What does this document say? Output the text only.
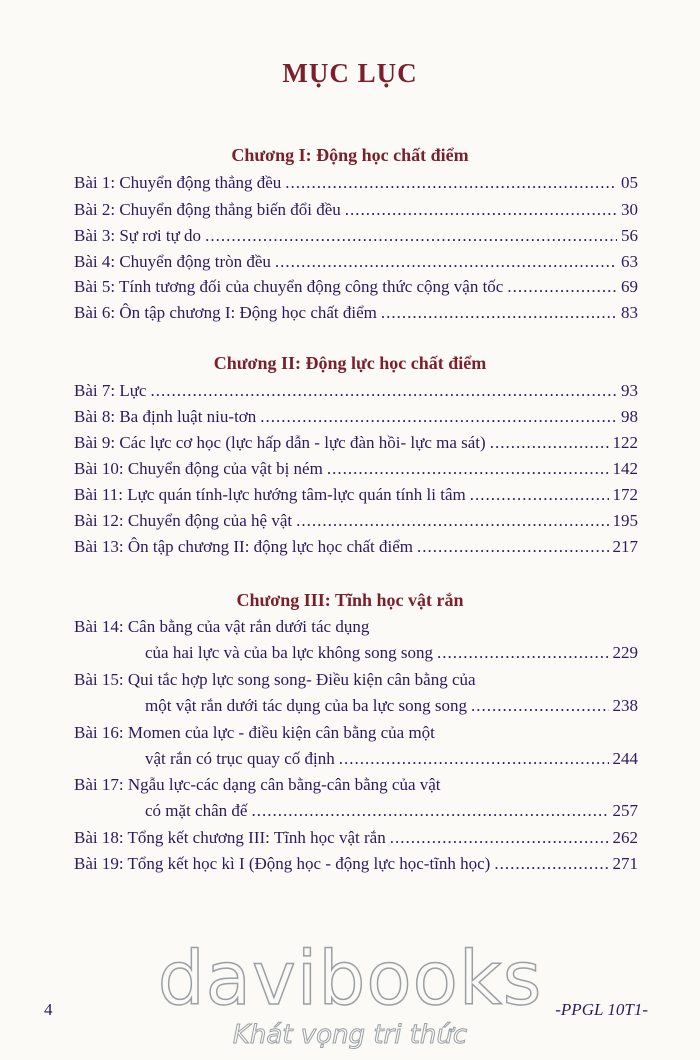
MỤC LỤC
Chương I: Động học chất điểm
Bài 1: Chuyển động thẳng đều .....	05
Bài 2: Chuyển động thẳng biến đổi đều .....	30
Bài 3: Sự rơi tự do .....	56
Bài 4: Chuyển động tròn đều .....	63
Bài 5: Tính tương đối của chuyển động công thức cộng vận tốc .....	69
Bài 6: Ôn tập chương I: Động học chất điểm .....	83
Chương II: Động lực học chất điểm
Bài 7: Lực .....	93
Bài 8: Ba định luật niu-tơn .....	98
Bài 9: Các lực cơ học (lực hấp dẫn - lực đàn hồi- lực ma sát) .....	122
Bài 10: Chuyển động của vật bị ném .....	142
Bài 11: Lực quán tính-lực hướng tâm-lực quán tính li tâm .....	172
Bài 12: Chuyển động của hệ vật .....	195
Bài 13: Ôn tập chương II: động lực học chất điểm .....	217
Chương III: Tĩnh học vật rắn
Bài 14: Cân bằng của vật rắn dưới tác dụng
của hai lực và của ba lực không song song .....	229
Bài 15: Qui tắc hợp lực song song- Điều kiện cân bằng của
một vật rắn dưới tác dụng của ba lực song song .....	238
Bài 16: Momen của lực - điều kiện cân bằng của một
vật rắn có trục quay cố định .....	244
Bài 17: Ngẫu lực-các dạng cân bằng-cân bằng của vật
có mặt chân đế .....	257
Bài 18: Tổng kết chương III: Tĩnh học vật rắn .....	262
Bài 19: Tổng kết học kì I (Động học - động lực học-tĩnh học) .....	271
davibooks
Khát vọng tri thức
4	-PPGL 10T1-
